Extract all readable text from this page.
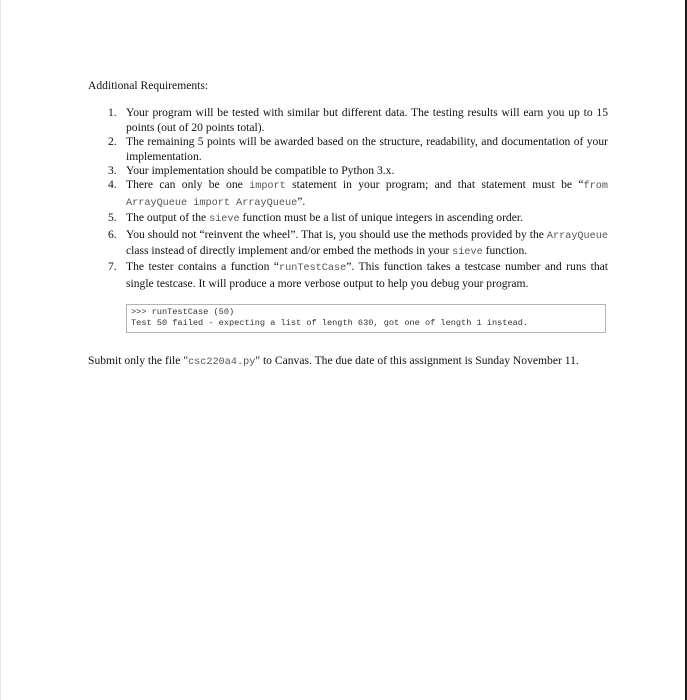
Additional Requirements:

1. Your program will be tested with similar but different data. The testing results will earn you up to 15 points (out of 20 points total).
2. The remaining 5 points will be awarded based on the structure, readability, and documentation of your implementation.
3. Your implementation should be compatible to Python 3.x.
4. There can only be one import statement in your program; and that statement must be “from ArrayQueue import ArrayQueue”.
5. The output of the sieve function must be a list of unique integers in ascending order.
6. You should not “reinvent the wheel”. That is, you should use the methods provided by the ArrayQueue class instead of directly implement and/or embed the methods in your sieve function.
7. The tester contains a function “runTestCase”. This function takes a testcase number and runs that single testcase. It will produce a more verbose output to help you debug your program.
>>> runTestCase (50)
Test 50 failed - expecting a list of length 630, got one of length 1 instead.

Submit only the file "csc220a4.py" to Canvas. The due date of this assignment is Sunday November 11.
